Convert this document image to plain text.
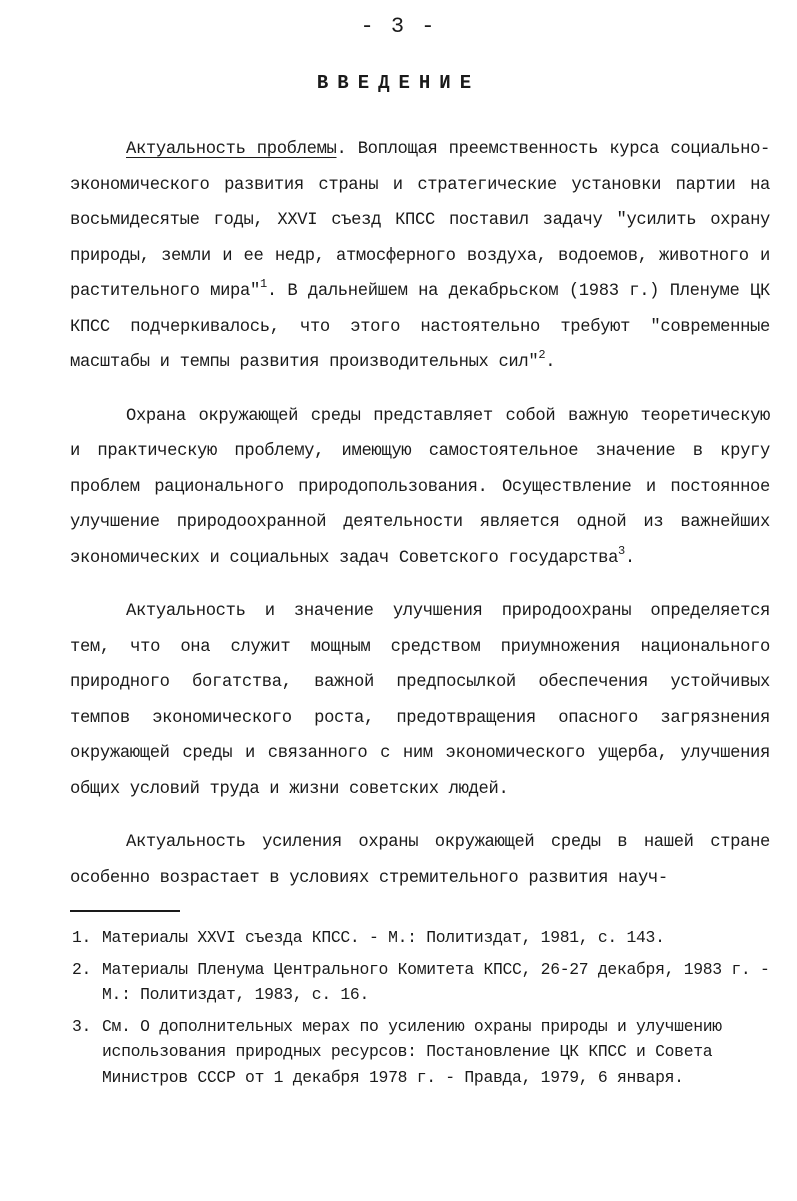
- 3 -
ВВЕДЕНИЕ

Актуальность проблемы. Воплощая преемственность курса социально-экономического развития страны и стратегические установки партии на восьмидесятые годы, XXVI съезд КПСС поставил задачу "усилить охрану природы, земли и ее недр, атмосферного воздуха, водоемов, животного и растительного мира"$^1$. В дальнейшем на декабрьском (1983 г.) Пленуме ЦК КПСС подчеркивалось, что этого настоятельно требуют "современные масштабы и темпы развития производительных сил"$^2$.

Охрана окружающей среды представляет собой важную теоретическую и практическую проблему, имеющую самостоятельное значение в кругу проблем рационального природопользования. Осуществление и постоянное улучшение природоохранной деятельности является одной из важнейших экономических и социальных задач Советского государства$^3$.

Актуальность и значение улучшения природоохраны определяется тем, что она служит мощным средством приумножения национального природного богатства, важной предпосылкой обеспечения устойчивых темпов экономического роста, предотвращения опасного загрязнения окружающей среды и связанного с ним экономического ущерба, улучшения общих условий труда и жизни советских людей.

Актуальность усиления охраны окружающей среды в нашей стране особенно возрастает в условиях стремительного развития науч-

1. Материалы XXVI съезда КПСС. - М.: Политиздат, 1981, с. 143.
2. Материалы Пленума Центрального Комитета КПСС, 26-27 декабря, 1983 г. - М.: Политиздат, 1983, с. 16.
3. См. О дополнительных мерах по усилению охраны природы и улучшению использования природных ресурсов: Постановление ЦК КПСС и Совета Министров СССР от 1 декабря 1978 г. - Правда, 1979, 6 января.
